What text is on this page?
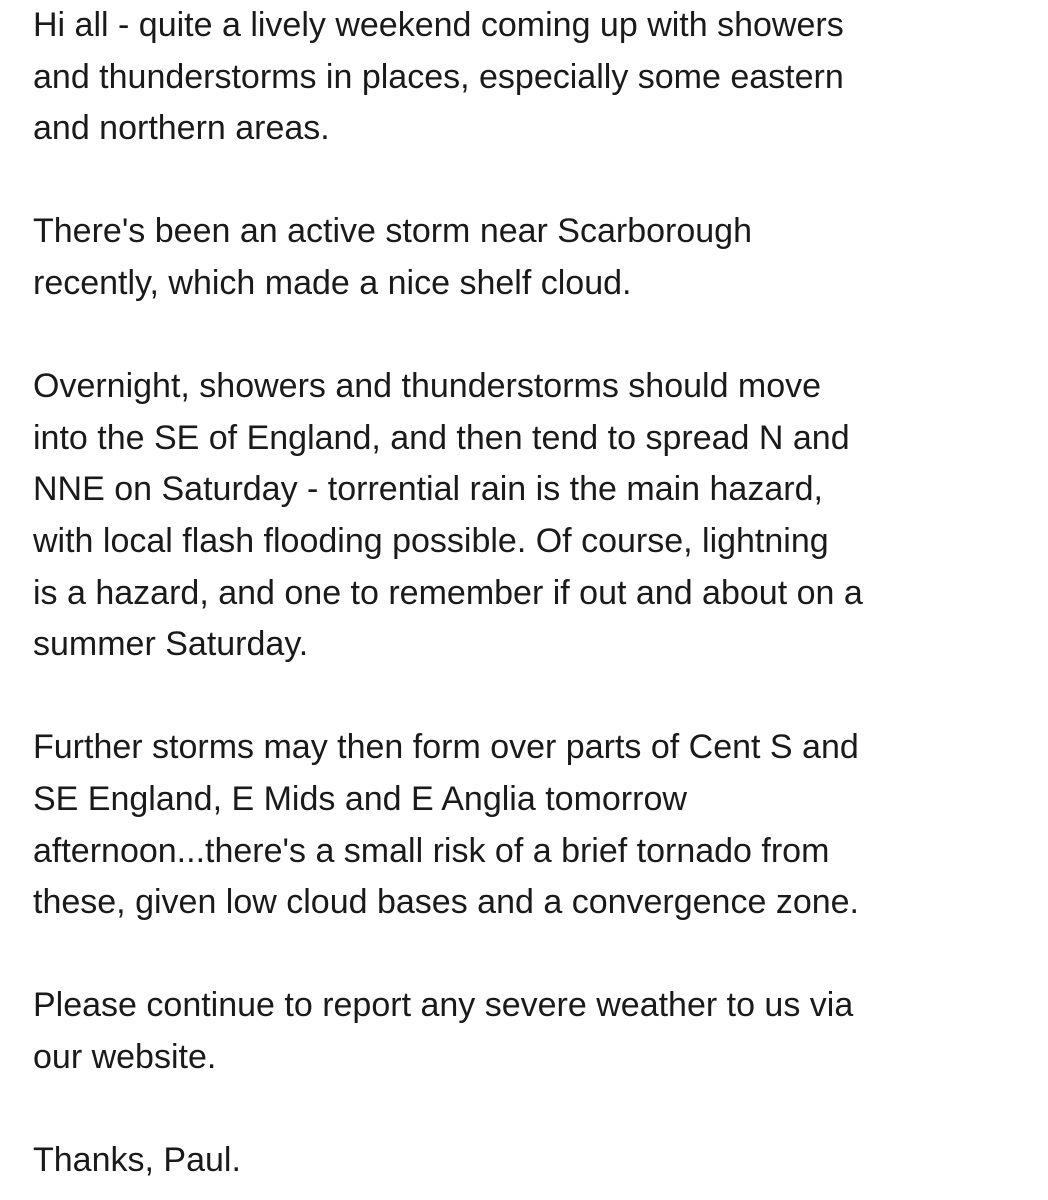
Hi all - quite a lively weekend coming up with showers
and thunderstorms in places, especially some eastern
and northern areas.

There's been an active storm near Scarborough
recently, which made a nice shelf cloud.

Overnight, showers and thunderstorms should move
into the SE of England, and then tend to spread N and
NNE on Saturday - torrential rain is the main hazard,
with local flash flooding possible. Of course, lightning
is a hazard, and one to remember if out and about on a
summer Saturday.

Further storms may then form over parts of Cent S and
SE England, E Mids and E Anglia tomorrow
afternoon...there's a small risk of a brief tornado from
these, given low cloud bases and a convergence zone.

Please continue to report any severe weather to us via
our website.

Thanks, Paul.
